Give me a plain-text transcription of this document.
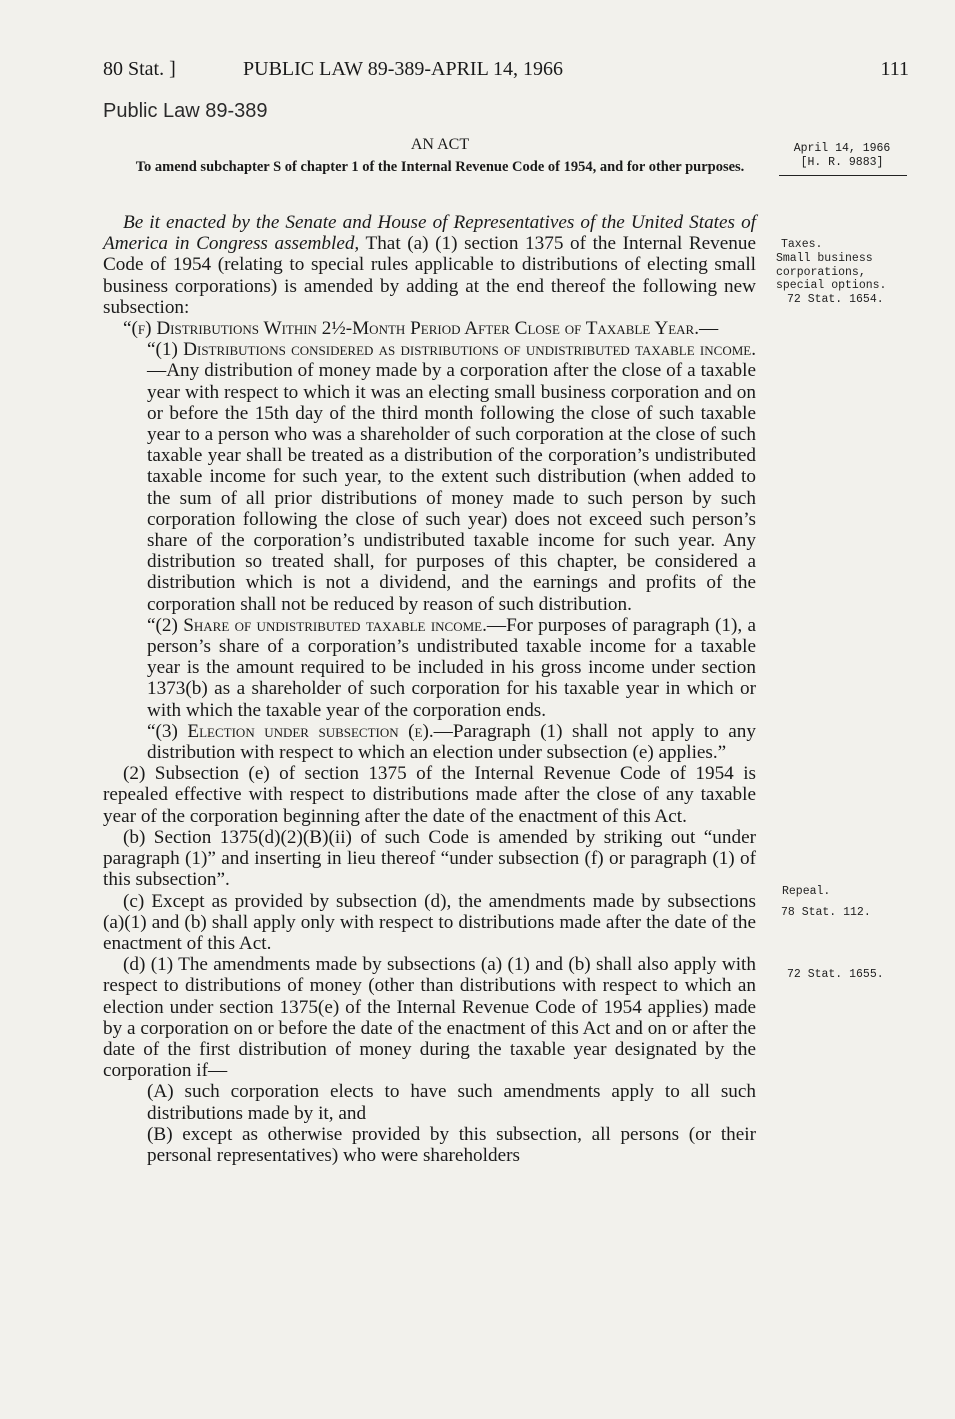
80 Stat. ]	PUBLIC LAW 89-389-APRIL 14, 1966	111
Public Law 89-389
AN ACT
To amend subchapter S of chapter 1 of the Internal Revenue Code of 1954, and for other purposes.
April 14, 1966
[H. R. 9883]
Taxes.
Small business corporations, special options.
72 Stat. 1654.
Repeal.
78 Stat. 112.
72 Stat. 1655.

Be it enacted by the Senate and House of Representatives of the United States of America in Congress assembled, That (a) (1) section 1375 of the Internal Revenue Code of 1954 (relating to special rules applicable to distributions of electing small business corporations) is amended by adding at the end thereof the following new subsection:

“(f) Distributions Within 2½-Month Period After Close of Taxable Year.—

“(1) Distributions considered as distributions of undistributed taxable income.—Any distribution of money made by a corporation after the close of a taxable year with respect to which it was an electing small business corporation and on or before the 15th day of the third month following the close of such taxable year to a person who was a shareholder of such corporation at the close of such taxable year shall be treated as a distribution of the corporation’s undistributed taxable income for such year, to the extent such distribution (when added to the sum of all prior distributions of money made to such person by such corporation following the close of such year) does not exceed such person’s share of the corporation’s undistributed taxable income for such year. Any distribution so treated shall, for purposes of this chapter, be considered a distribution which is not a dividend, and the earnings and profits of the corporation shall not be reduced by reason of such distribution.

“(2) Share of undistributed taxable income.—For purposes of paragraph (1), a person’s share of a corporation’s undistributed taxable income for a taxable year is the amount required to be included in his gross income under section 1373(b) as a shareholder of such corporation for his taxable year in which or with which the taxable year of the corporation ends.

“(3) Election under subsection (e).—Paragraph (1) shall not apply to any distribution with respect to which an election under subsection (e) applies.”

(2) Subsection (e) of section 1375 of the Internal Revenue Code of 1954 is repealed effective with respect to distributions made after the close of any taxable year of the corporation beginning after the date of the enactment of this Act.

(b) Section 1375(d)(2)(B)(ii) of such Code is amended by striking out “under paragraph (1)” and inserting in lieu thereof “under subsection (f) or paragraph (1) of this subsection”.

(c) Except as provided by subsection (d), the amendments made by subsections (a)(1) and (b) shall apply only with respect to distributions made after the date of the enactment of this Act.

(d) (1) The amendments made by subsections (a) (1) and (b) shall also apply with respect to distributions of money (other than distributions with respect to which an election under section 1375(e) of the Internal Revenue Code of 1954 applies) made by a corporation on or before the date of the enactment of this Act and on or after the date of the first distribution of money during the taxable year designated by the corporation if—

(A) such corporation elects to have such amendments apply to all such distributions made by it, and

(B) except as otherwise provided by this subsection, all persons (or their personal representatives) who were shareholders
